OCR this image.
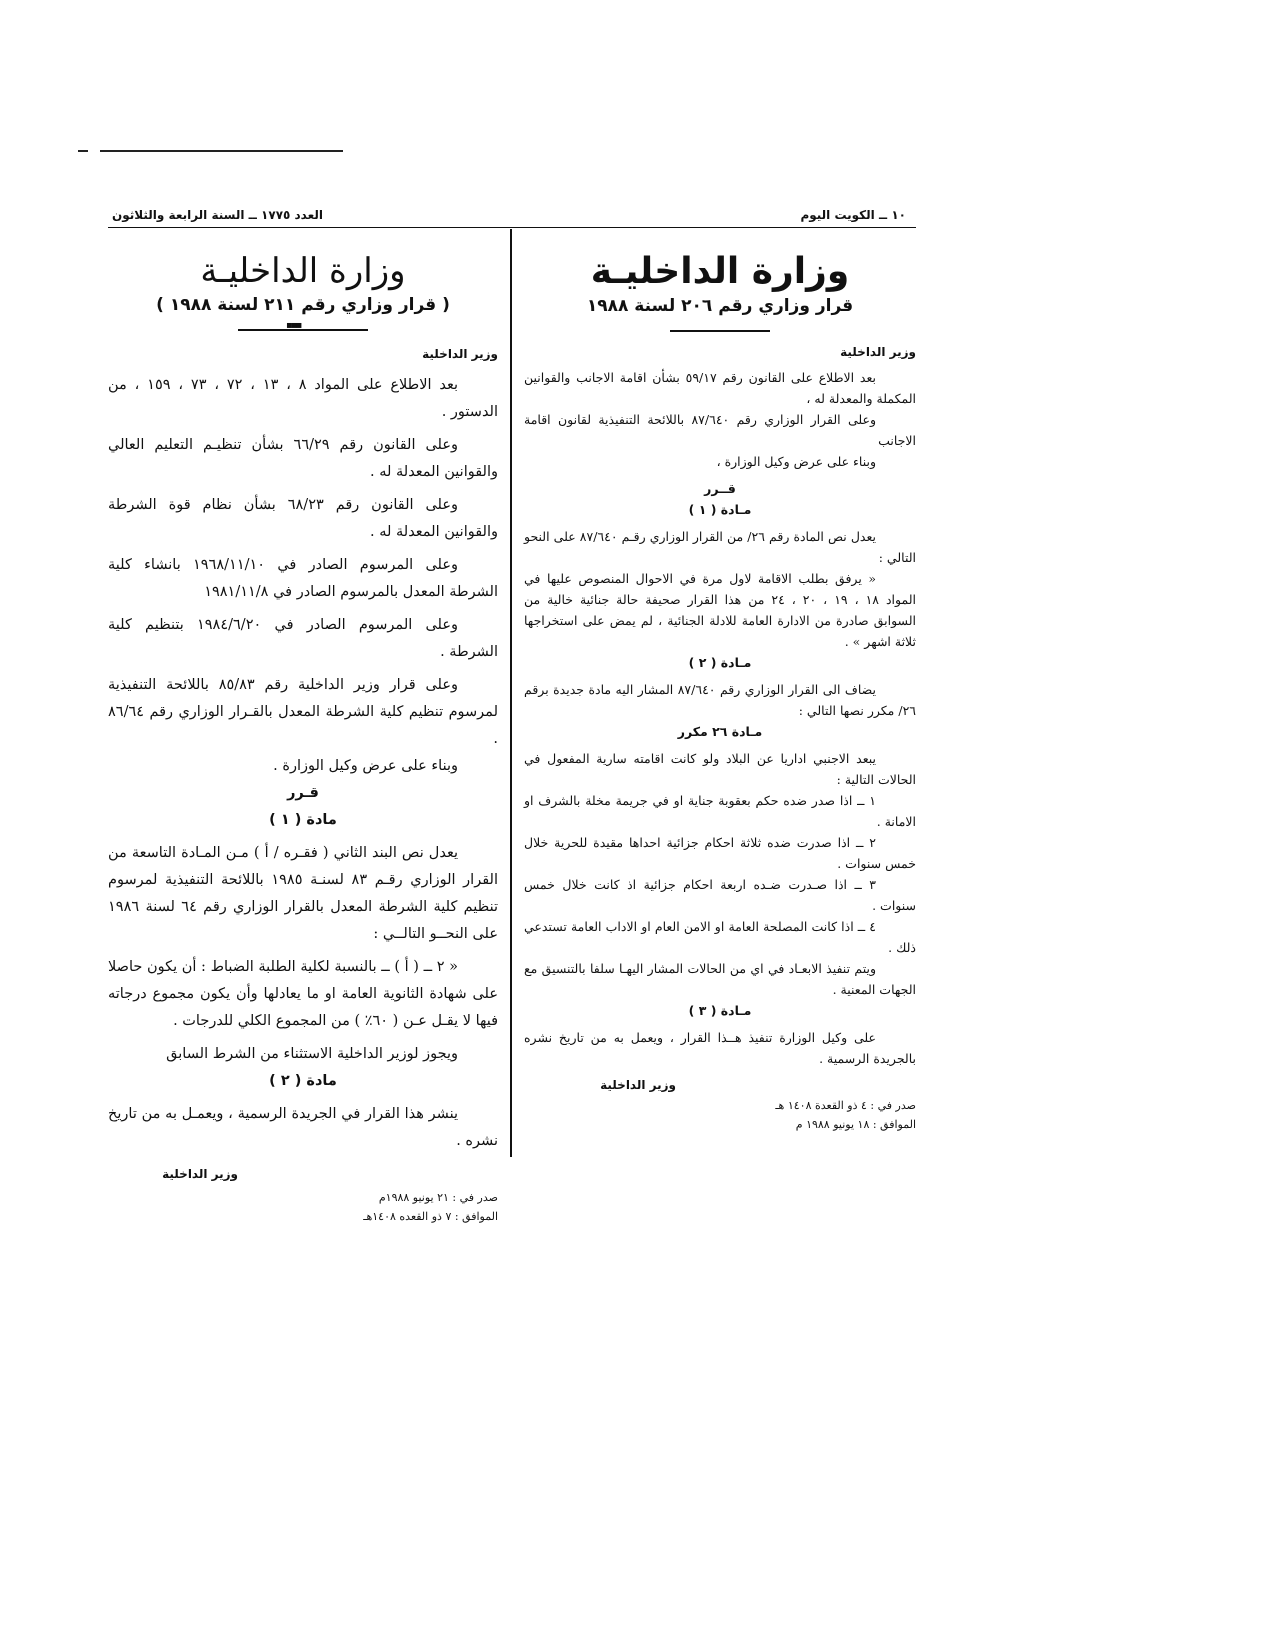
١٠ ــ الكويت اليوم
العدد ١٧٧٥ ــ السنة الرابعة والثلاثون
وزارة الداخليـة
قرار وزاري رقم ٢٠٦ لسنة ١٩٨٨

وزير الداخلية

بعد الاطلاع على القانون رقم ٥٩/١٧ بشأن اقامة الاجانب والقوانين المكملة والمعدلة له ،

وعلى القرار الوزاري رقم ٨٧/٦٤٠ باللائحة التنفيذية لقانون اقامة الاجانب

وبناء على عرض وكيل الوزارة ،

قــرر

مـادة ( ١ )

يعدل نص المادة رقم ٢٦/ من القرار الوزاري رقـم ٨٧/٦٤٠ على النحو التالي :

« يرفق بطلب الاقامة لاول مرة في الاحوال المنصوص عليها في المواد ١٨ ، ١٩ ، ٢٠ ، ٢٤ من هذا القرار صحيفة حالة جنائية خالية من السوابق صادرة من الادارة العامة للادلة الجنائية ، لم يمض على استخراجها ثلاثة اشهر » .

مـادة ( ٢ )

يضاف الى القرار الوزاري رقم ٨٧/٦٤٠ المشار اليه مادة جديدة برقم ٢٦/ مكرر نصها التالي :

مـادة ٢٦ مكرر

يبعد الاجنبي اداريا عن البلاد ولو كانت اقامته سارية المفعول في الحالات التالية :

١ ــ اذا صدر ضده حكم بعقوبة جناية او في جريمة مخلة بالشرف او الامانة .

٢ ــ اذا صدرت ضده ثلاثة احكام جزائية احداها مقيدة للحرية خلال خمس سنوات .

٣ ــ اذا صـدرت ضـده اربعة احكام جزائية اذ كانت خلال خمس سنوات .

٤ ــ اذا كانت المصلحة العامة او الامن العام او الاداب العامة تستدعي ذلك .

ويتم تنفيذ الابعـاد في اي من الحالات المشار اليهـا سلفا بالتنسيق مع الجهات المعنية .

مـادة ( ٣ )

على وكيل الوزارة تنفيذ هــذا القرار ، ويعمل به من تاريخ نشره بالجريدة الرسمية .

وزير الداخلية

صدر في : ٤ ذو القعدة ١٤٠٨ هـ

الموافق : ١٨ يونيو ١٩٨٨ م

وزارة الداخليـة
( قرار وزاري رقم ٢١١ لسنة ١٩٨٨ )
▪▪▪

وزير الداخلية

بعد الاطلاع على المواد ٨ ، ١٣ ، ٧٢ ، ٧٣ ، ١٥٩ ، من الدستور .

وعلى القانون رقم ٦٦/٢٩ بشأن تنظيـم التعليم العالي والقوانين المعدلة له .

وعلى القانون رقم ٦٨/٢٣ بشأن نظام قوة الشرطة والقوانين المعدلة له .

وعلى المرسوم الصادر في ١٩٦٨/١١/١٠ بانشاء كلية الشرطة المعدل بالمرسوم الصادر في ١٩٨١/١١/٨

وعلى المرسوم الصادر في ١٩٨٤/٦/٢٠ بتنظيم كلية الشرطة .

وعلى قرار وزير الداخلية رقم ٨٥/٨٣ باللائحة التنفيذية لمرسوم تنظيم كلية الشرطة المعدل بالقـرار الوزاري رقم ٨٦/٦٤ .

وبناء على عرض وكيل الوزارة .

قـرر

مادة ( ١ )

يعدل نص البند الثاني ( فقـره / أ ) مـن المـادة التاسعة من القرار الوزاري رقـم ٨٣ لسنـة ١٩٨٥ باللائحة التنفيذية لمرسوم تنظيم كلية الشرطة المعدل بالقرار الوزاري رقم ٦٤ لسنة ١٩٨٦ على النحــو التالــي :

« ٢ ــ ( أ ) ــ بالنسبة لكلية الطلبة الضباط : أن يكون حاصلا على شهادة الثانوية العامة او ما يعادلها وأن يكون مجموع درجاته فيها لا يقـل عـن ( ٦٠٪ ) من المجموع الكلي للدرجات .

ويجوز لوزير الداخلية الاستثناء من الشرط السابق

مادة ( ٢ )

ينشر هذا القرار في الجريدة الرسمية ، ويعمـل به من تاريخ نشره .

وزير الداخلية

صدر في : ٢١ يونيو ١٩٨٨م

الموافق : ٧ ذو القعده ١٤٠٨هـ
